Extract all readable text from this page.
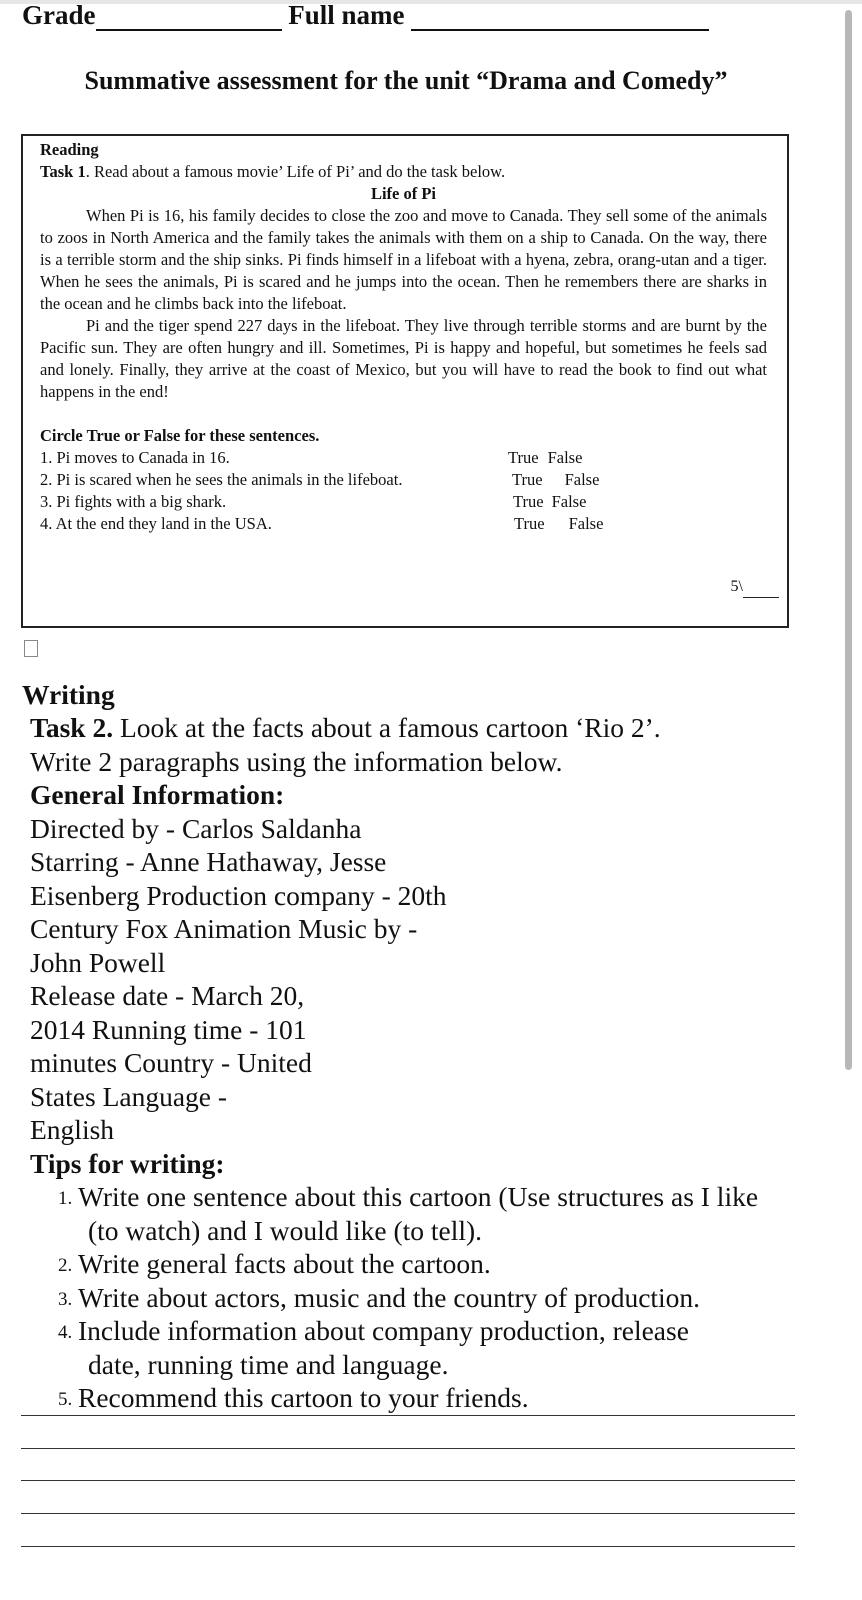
Grade	Full name
Summative assessment for the unit “Drama and Comedy”
Reading
Task 1. Read about a famous movie’ Life of Pi’ and do the task below.
Life of Pi

When Pi is 16, his family decides to close the zoo and move to Canada. They sell some of the animals to zoos in North America and the family takes the animals with them on a ship to Canada. On the way, there is a terrible storm and the ship sinks. Pi finds himself in a lifeboat with a hyena, zebra, orang-utan and a tiger. When he sees the animals, Pi is scared and he jumps into the ocean. Then he remembers there are sharks in the ocean and he climbs back into the lifeboat.

Pi and the tiger spend 227 days in the lifeboat. They live through terrible storms and are burnt by the Pacific sun. They are often hungry and ill. Sometimes, Pi is happy and hopeful, but sometimes he feels sad and lonely. Finally, they arrive at the coast of Mexico, but you will have to read the book to find out what happens in the end!

Circle True or False for these sentences.
1. Pi moves to Canada in 16.	True False
2. Pi is scared when he sees the animals in the lifeboat.	True False
3. Pi fights with a big shark.	True False
4. At the end they land in the USA.	True False
5\
Writing
Task 2. Look at the facts about a famous cartoon ‘Rio 2’.
Write 2 paragraphs using the information below.
General Information:
Directed by - Carlos Saldanha
Starring - Anne Hathaway, Jesse
Eisenberg Production company - 20th
Century Fox Animation Music by -
John Powell
Release date - March 20,
2014 Running time - 101
minutes Country - United
States Language -
English
Tips for writing:
1. Write one sentence about this cartoon (Use structures as I like
(to watch) and I would like (to tell).
2. Write general facts about the cartoon.
3. Write about actors, music and the country of production.
4. Include information about company production, release
date, running time and language.
5. Recommend this cartoon to your friends.
